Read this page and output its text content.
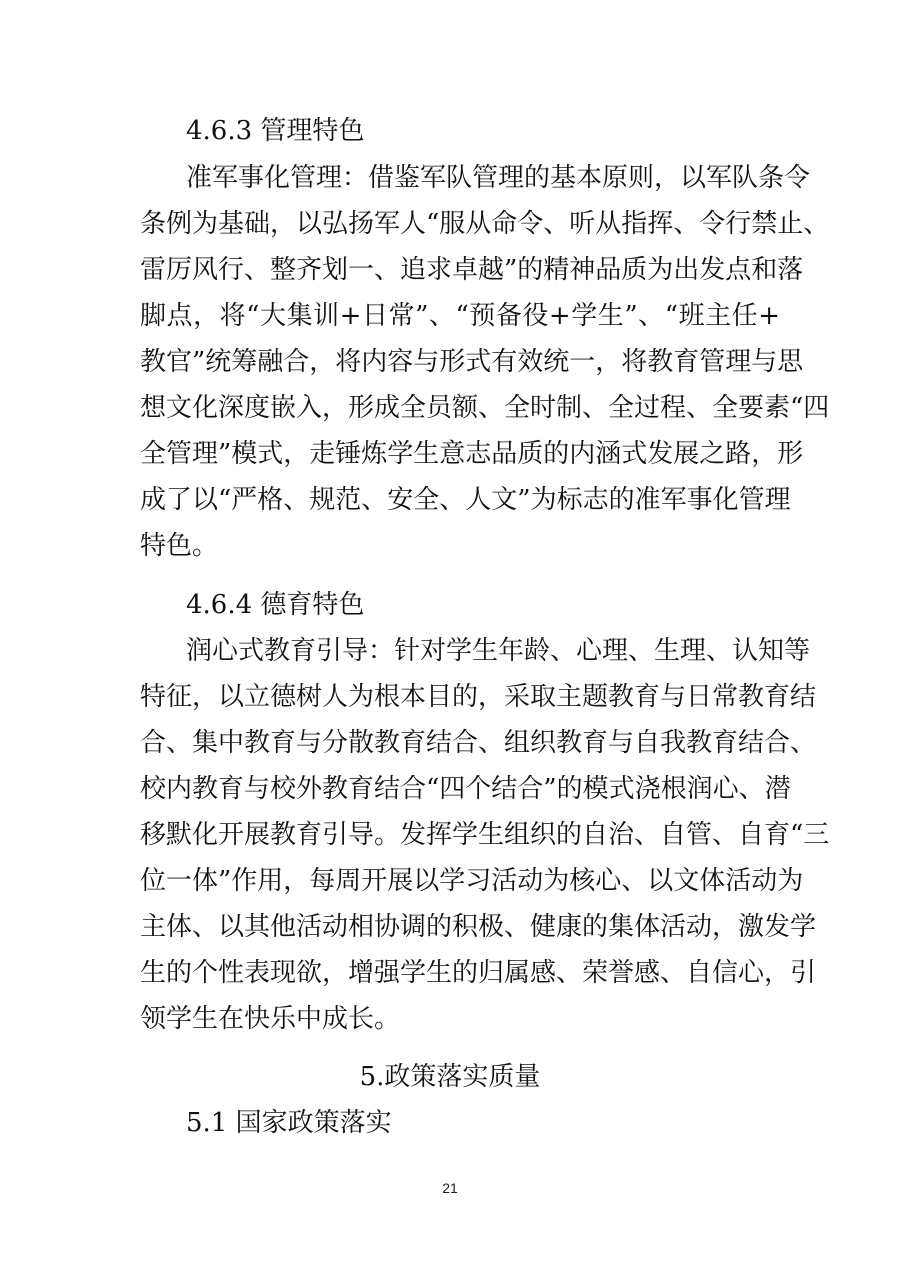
4.6.3 管理特色
准军事化管理：借鉴军队管理的基本原则，以军队条令
条例为基础，以弘扬军人“服从命令、听从指挥、令行禁止、
雷厉风行、整齐划一、追求卓越”的精神品质为出发点和落
脚点，将“大集训+日常”、“预备役+学生”、“班主任+
教官”统筹融合，将内容与形式有效统一，将教育管理与思
想文化深度嵌入，形成全员额、全时制、全过程、全要素“四
全管理”模式，走锤炼学生意志品质的内涵式发展之路，形
成了以“严格、规范、安全、人文”为标志的准军事化管理
特色。
4.6.4 德育特色
润心式教育引导：针对学生年龄、心理、生理、认知等
特征，以立德树人为根本目的，采取主题教育与日常教育结
合、集中教育与分散教育结合、组织教育与自我教育结合、
校内教育与校外教育结合“四个结合”的模式浇根润心、潜
移默化开展教育引导。发挥学生组织的自治、自管、自育“三
位一体”作用，每周开展以学习活动为核心、以文体活动为
主体、以其他活动相协调的积极、健康的集体活动，激发学
生的个性表现欲，增强学生的归属感、荣誉感、自信心，引
领学生在快乐中成长。
5.政策落实质量
5.1 国家政策落实
21
